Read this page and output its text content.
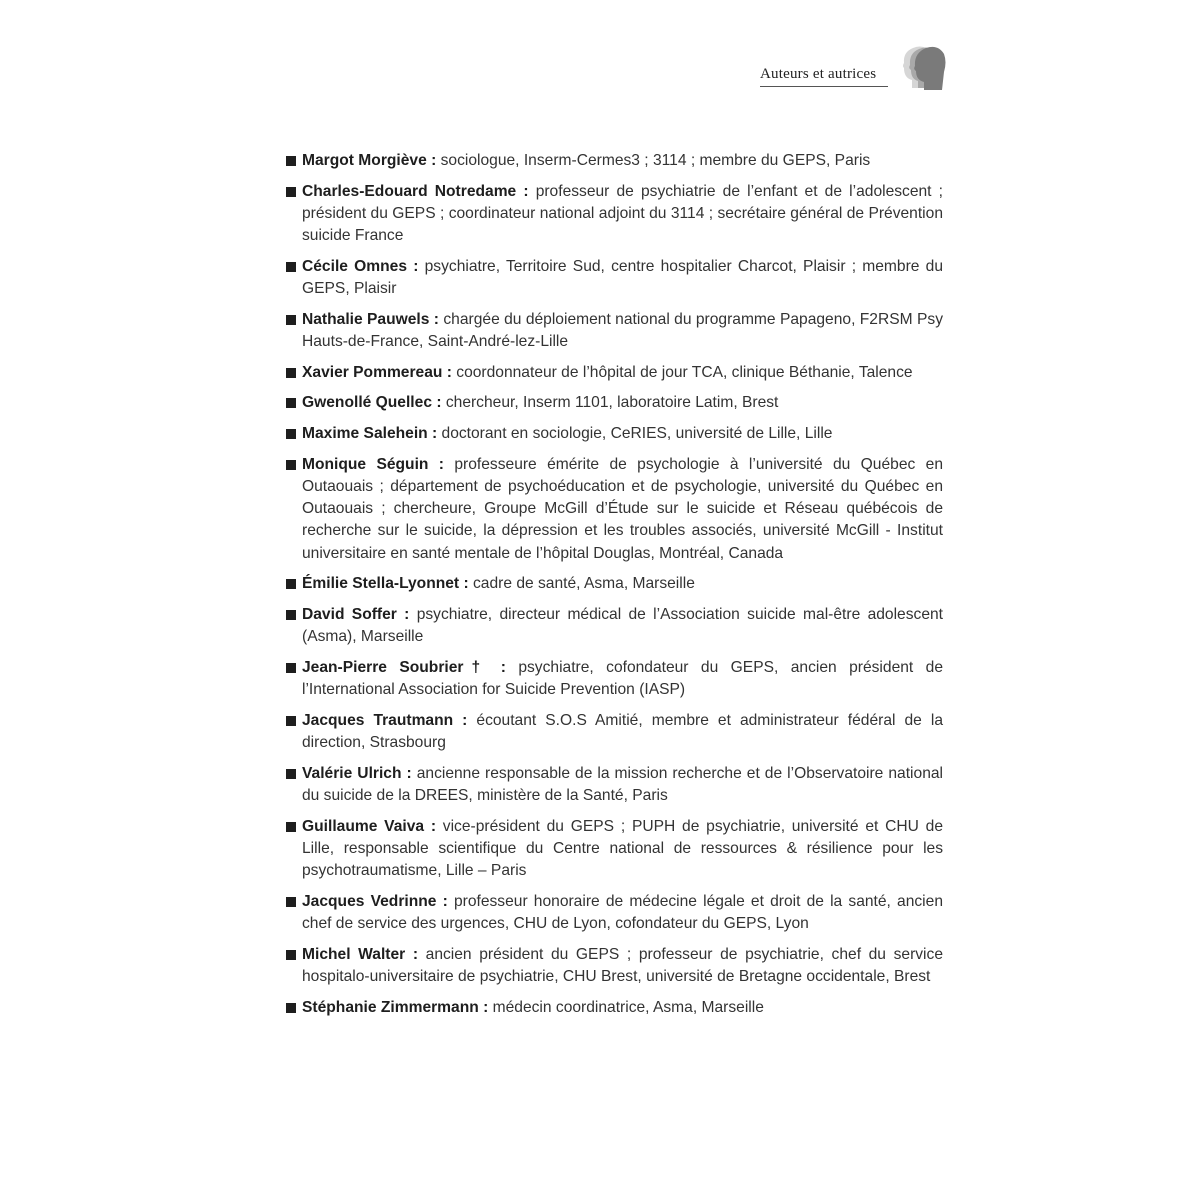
Auteurs et autrices

Margot Morgiève : sociologue, Inserm-Cermes3 ; 3114 ; membre du GEPS, Paris

Charles-Edouard Notredame : professeur de psychiatrie de l’enfant et de l’adolescent ; président du GEPS ; coordinateur national adjoint du 3114 ; secrétaire général de Prévention suicide France

Cécile Omnes : psychiatre, Territoire Sud, centre hospitalier Charcot, Plaisir ; membre du GEPS, Plaisir

Nathalie Pauwels : chargée du déploiement national du programme Papageno, F2RSM Psy Hauts-de-France, Saint-André-lez-Lille

Xavier Pommereau : coordonnateur de l’hôpital de jour TCA, clinique Béthanie, Talence

Gwenollé Quellec : chercheur, Inserm 1101, laboratoire Latim, Brest

Maxime Salehein : doctorant en sociologie, CeRIES, université de Lille, Lille

Monique Séguin : professeure émérite de psychologie à l’université du Québec en Outaouais ; département de psychoéducation et de psychologie, université du Québec en Outaouais ; chercheure, Groupe McGill d’Étude sur le suicide et Réseau québécois de recherche sur le suicide, la dépression et les troubles associés, université McGill - Institut universitaire en santé mentale de l’hôpital Douglas, Montréal, Canada

Émilie Stella-Lyonnet : cadre de santé, Asma, Marseille

David Soffer : psychiatre, directeur médical de l’Association suicide mal-être adolescent (Asma), Marseille

Jean-Pierre Soubrier† : psychiatre, cofondateur du GEPS, ancien président de l’International Association for Suicide Prevention (IASP)

Jacques Trautmann : écoutant S.O.S Amitié, membre et administrateur fédéral de la direction, Strasbourg

Valérie Ulrich : ancienne responsable de la mission recherche et de l’Observatoire national du suicide de la DREES, ministère de la Santé, Paris

Guillaume Vaiva : vice-président du GEPS ; PUPH de psychiatrie, université et CHU de Lille, responsable scientifique du Centre national de ressources & résilience pour les psychotraumatisme, Lille – Paris

Jacques Vedrinne : professeur honoraire de médecine légale et droit de la santé, ancien chef de service des urgences, CHU de Lyon, cofondateur du GEPS, Lyon

Michel Walter : ancien président du GEPS ; professeur de psychiatrie, chef du service hospitalo-universitaire de psychiatrie, CHU Brest, université de Bretagne occidentale, Brest

Stéphanie Zimmermann : médecin coordinatrice, Asma, Marseille
